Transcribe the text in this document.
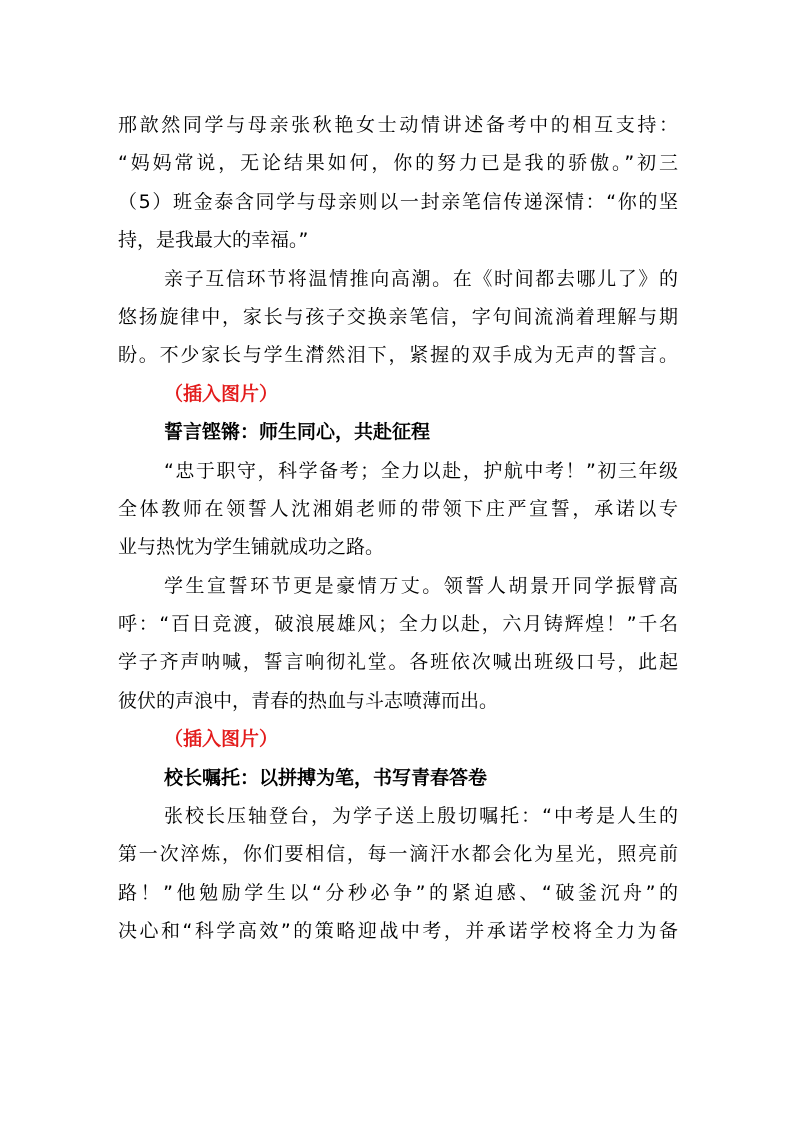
邢歆然同学与母亲张秋艳女士动情讲述备考中的相互支持：
“妈妈常说，无论结果如何，你的努力已是我的骄傲。”初三
（5）班金泰含同学与母亲则以一封亲笔信传递深情：“你的坚
持，是我最大的幸福。”
亲子互信环节将温情推向高潮。在《时间都去哪儿了》的
悠扬旋律中，家长与孩子交换亲笔信，字句间流淌着理解与期
盼。不少家长与学生潸然泪下，紧握的双手成为无声的誓言。
（插入图片）
誓言铿锵：师生同心，共赴征程
“忠于职守，科学备考；全力以赴，护航中考！”初三年级
全体教师在领誓人沈湘娟老师的带领下庄严宣誓，承诺以专
业与热忱为学生铺就成功之路。
学生宣誓环节更是豪情万丈。领誓人胡景开同学振臂高
呼：“百日竞渡，破浪展雄风；全力以赴，六月铸辉煌！”千名
学子齐声呐喊，誓言响彻礼堂。各班依次喊出班级口号，此起
彼伏的声浪中，青春的热血与斗志喷薄而出。
（插入图片）
校长嘱托：以拼搏为笔，书写青春答卷
张校长压轴登台，为学子送上殷切嘱托：“中考是人生的
第一次淬炼，你们要相信，每一滴汗水都会化为星光，照亮前
路！”他勉励学生以“分秒必争”的紧迫感、“破釜沉舟”的
决心和“科学高效”的策略迎战中考，并承诺学校将全力为备
